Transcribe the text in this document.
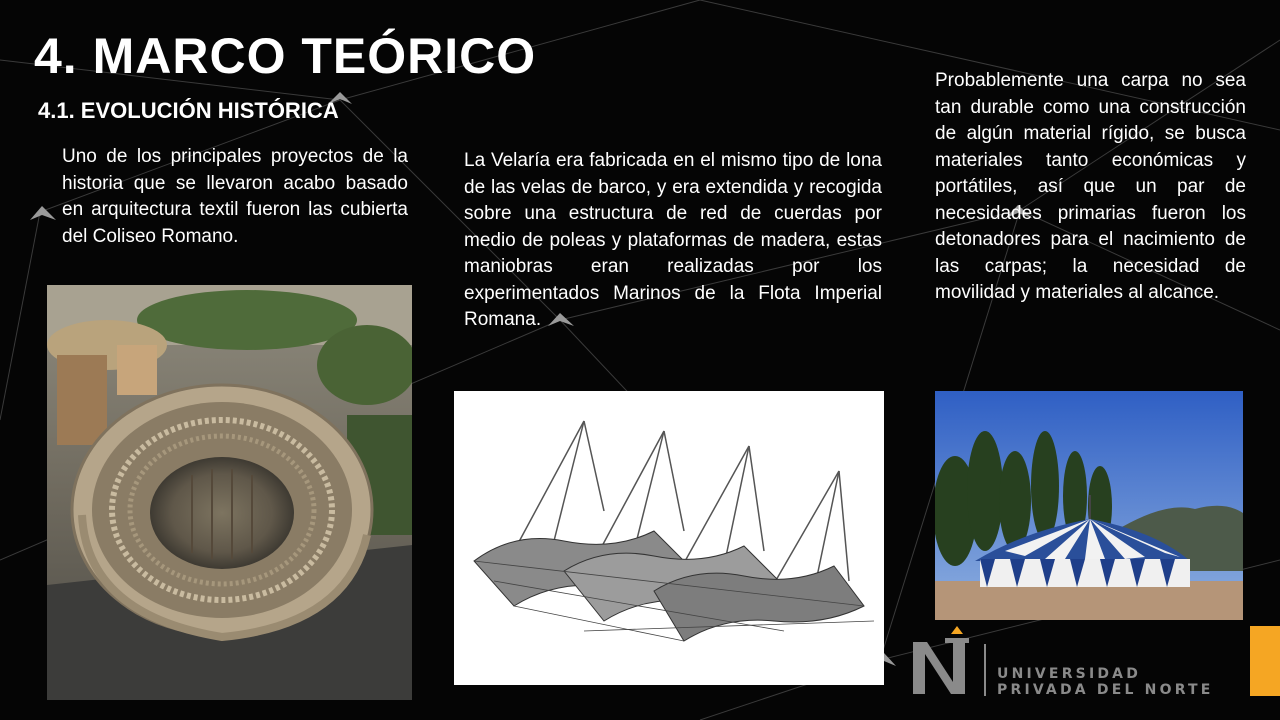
4. MARCO TEÓRICO
4.1. EVOLUCIÓN HISTÓRICA

Uno de los principales proyectos de la historia que se llevaron acabo basado en arquitectura textil fueron las cubierta del Coliseo Romano.

La Velaría era fabricada en el mismo tipo de lona de las velas de barco, y era extendida y recogida sobre una estructura de red de cuerdas por medio de poleas y plataformas de madera, estas maniobras eran realizadas por los experimentados Marinos de la Flota Imperial Romana.

Probablemente una carpa no sea tan durable como una construcción de algún material rígido, se busca materiales tanto económicas y portátiles, así que un par de necesidades primarias fueron los detonadores para el nacimiento de las carpas; la necesidad de movilidad y materiales al alcance.

UNIVERSIDAD
PRIVADA DEL NORTE
